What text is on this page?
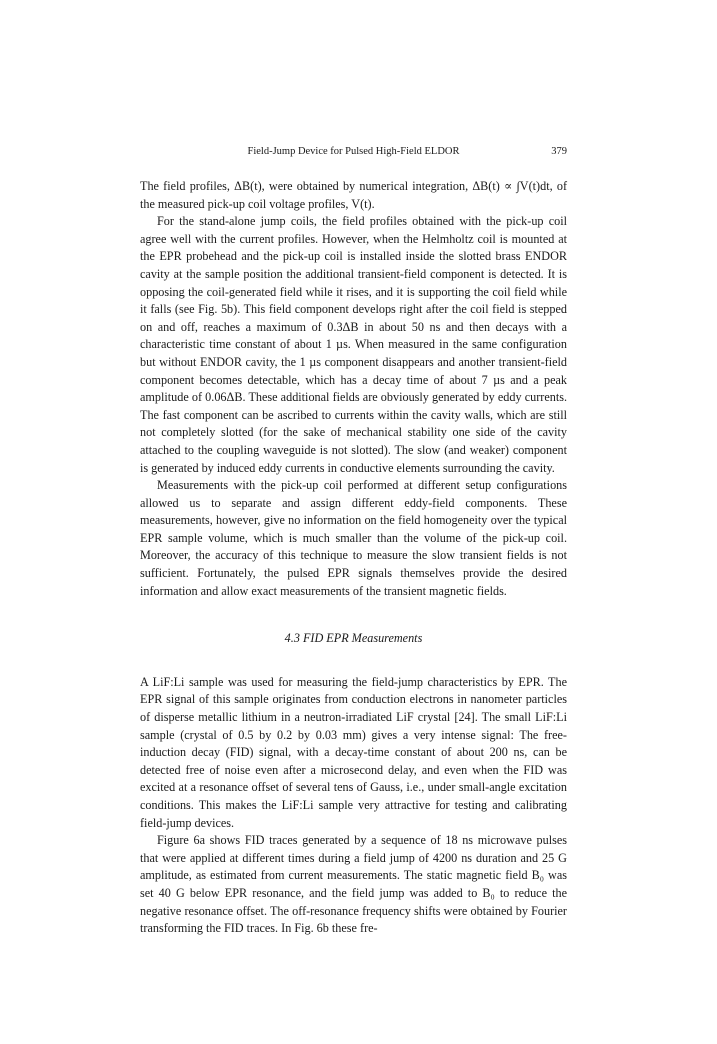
Field-Jump Device for Pulsed High-Field ELDOR	379

The field profiles, ΔB(t), were obtained by numerical integration, ΔB(t) ∝ ∫V(t)dt, of the measured pick-up coil voltage profiles, V(t).

For the stand-alone jump coils, the field profiles obtained with the pick-up coil agree well with the current profiles. However, when the Helmholtz coil is mounted at the EPR probehead and the pick-up coil is installed inside the slotted brass ENDOR cavity at the sample position the additional transient-field component is detected. It is opposing the coil-generated field while it rises, and it is supporting the coil field while it falls (see Fig. 5b). This field component develops right after the coil field is stepped on and off, reaches a maximum of 0.3ΔB in about 50 ns and then decays with a characteristic time constant of about 1 µs. When measured in the same configuration but without ENDOR cavity, the 1 µs component disappears and another transient-field component becomes detectable, which has a decay time of about 7 µs and a peak amplitude of 0.06ΔB. These additional fields are obviously generated by eddy currents. The fast component can be ascribed to currents within the cavity walls, which are still not completely slotted (for the sake of mechanical stability one side of the cavity attached to the coupling waveguide is not slotted). The slow (and weaker) component is generated by induced eddy currents in conductive elements surrounding the cavity.

Measurements with the pick-up coil performed at different setup configurations allowed us to separate and assign different eddy-field components. These measurements, however, give no information on the field homogeneity over the typical EPR sample volume, which is much smaller than the volume of the pick-up coil. Moreover, the accuracy of this technique to measure the slow transient fields is not sufficient. Fortunately, the pulsed EPR signals themselves provide the desired information and allow exact measurements of the transient magnetic fields.

4.3 FID EPR Measurements

A LiF:Li sample was used for measuring the field-jump characteristics by EPR. The EPR signal of this sample originates from conduction electrons in nanometer particles of disperse metallic lithium in a neutron-irradiated LiF crystal [24]. The small LiF:Li sample (crystal of 0.5 by 0.2 by 0.03 mm) gives a very intense signal: The free-induction decay (FID) signal, with a decay-time constant of about 200 ns, can be detected free of noise even after a microsecond delay, and even when the FID was excited at a resonance offset of several tens of Gauss, i.e., under small-angle excitation conditions. This makes the LiF:Li sample very attractive for testing and calibrating field-jump devices.

Figure 6a shows FID traces generated by a sequence of 18 ns microwave pulses that were applied at different times during a field jump of 4200 ns duration and 25 G amplitude, as estimated from current measurements. The static magnetic field B₀ was set 40 G below EPR resonance, and the field jump was added to B₀ to reduce the negative resonance offset. The off-resonance frequency shifts were obtained by Fourier transforming the FID traces. In Fig. 6b these fre-
